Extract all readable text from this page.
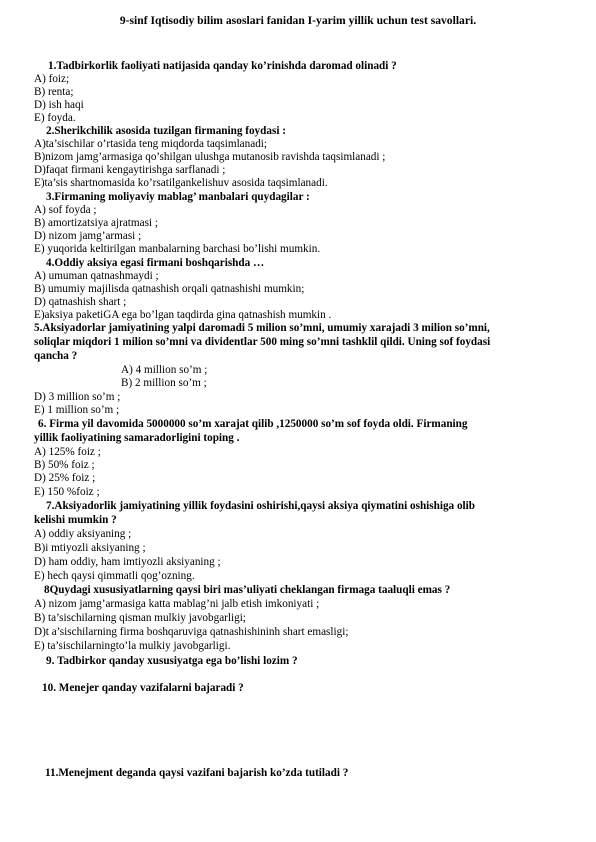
9-sinf Iqtisodiy bilim asoslari fanidan I-yarim yillik uchun test savollari.
1.Tadbirkorlik faoliyati natijasida qanday ko’rinishda daromad olinadi ?
A) foiz;
B) renta;
D) ish haqi
E) foyda.
2.Sherikchilik asosida tuzilgan firmaning foydasi :
A)ta’sischilar o’rtasida teng miqdorda taqsimlanadi;
B)nizom jamg’armasiga qo’shilgan ulushga mutanosib ravishda taqsimlanadi ;
D)faqat firmani kengaytirishga sarflanadi ;
E)ta’sis shartnomasida ko’rsatilgankelishuv asosida taqsimlanadi.
3.Firmaning moliyaviy mablag’ manbalari quydagilar :
A) sof foyda ;
B) amortizatsiya ajratmasi ;
D) nizom jamg’armasi ;
E) yuqorida keltirilgan manbalarning barchasi bo’lishi mumkin.
4.Oddiy aksiya egasi firmani boshqarishda …
A) umuman qatnashmaydi ;
B) umumiy majilisda qatnashish orqali qatnashishi mumkin;
D) qatnashish shart ;
E)aksiya paketiGA ega bo’lgan taqdirda gina qatnashish mumkin .
5.Aksiyadorlar jamiyatining yalpi daromadi 5 milion so’mni, umumiy xarajadi 3 milion so’mni,
soliqlar miqdori 1 milion so’mni va dividentlar 500 ming so’mni tashklil qildi. Uning sof foydasi
qancha ?
A) 4 million so’m ;
B) 2 million so’m ;
D) 3 million so’m ;
E) 1 million so’m ;
6. Firma yil davomida 5000000 so’m xarajat qilib ,1250000 so’m sof foyda oldi. Firmaning
yillik faoliyatining samaradorligini toping .
A) 125% foiz ;
B) 50% foiz ;
D) 25% foiz ;
E) 150 %foiz ;
7.Aksiyadorlik jamiyatining yillik foydasini oshirishi,qaysi aksiya qiymatini oshishiga olib
kelishi mumkin ?
A) oddiy aksiyaning ;
B)i mtiyozli aksiyaning ;
D) ham oddiy, ham imtiyozli aksiyaning ;
E) hech qaysi qimmatli qog’ozning.
8Quydagi xususiyatlarning qaysi biri mas’uliyati cheklangan firmaga taaluqli emas ?
A) nizom jamg’armasiga katta mablag’ni jalb etish imkoniyati ;
B) ta’sischilarning qisman mulkiy javobgarligi;
D)t a’sischilarning firma boshqaruviga qatnashishininh shart emasligi;
E) ta’sischilarningto’la mulkiy javobgarligi.
9. Tadbirkor qanday xususiyatga ega bo’lishi lozim ?
10. Menejer qanday vazifalarni bajaradi ?
11.Menejment deganda qaysi vazifani bajarish ko’zda tutiladi ?
